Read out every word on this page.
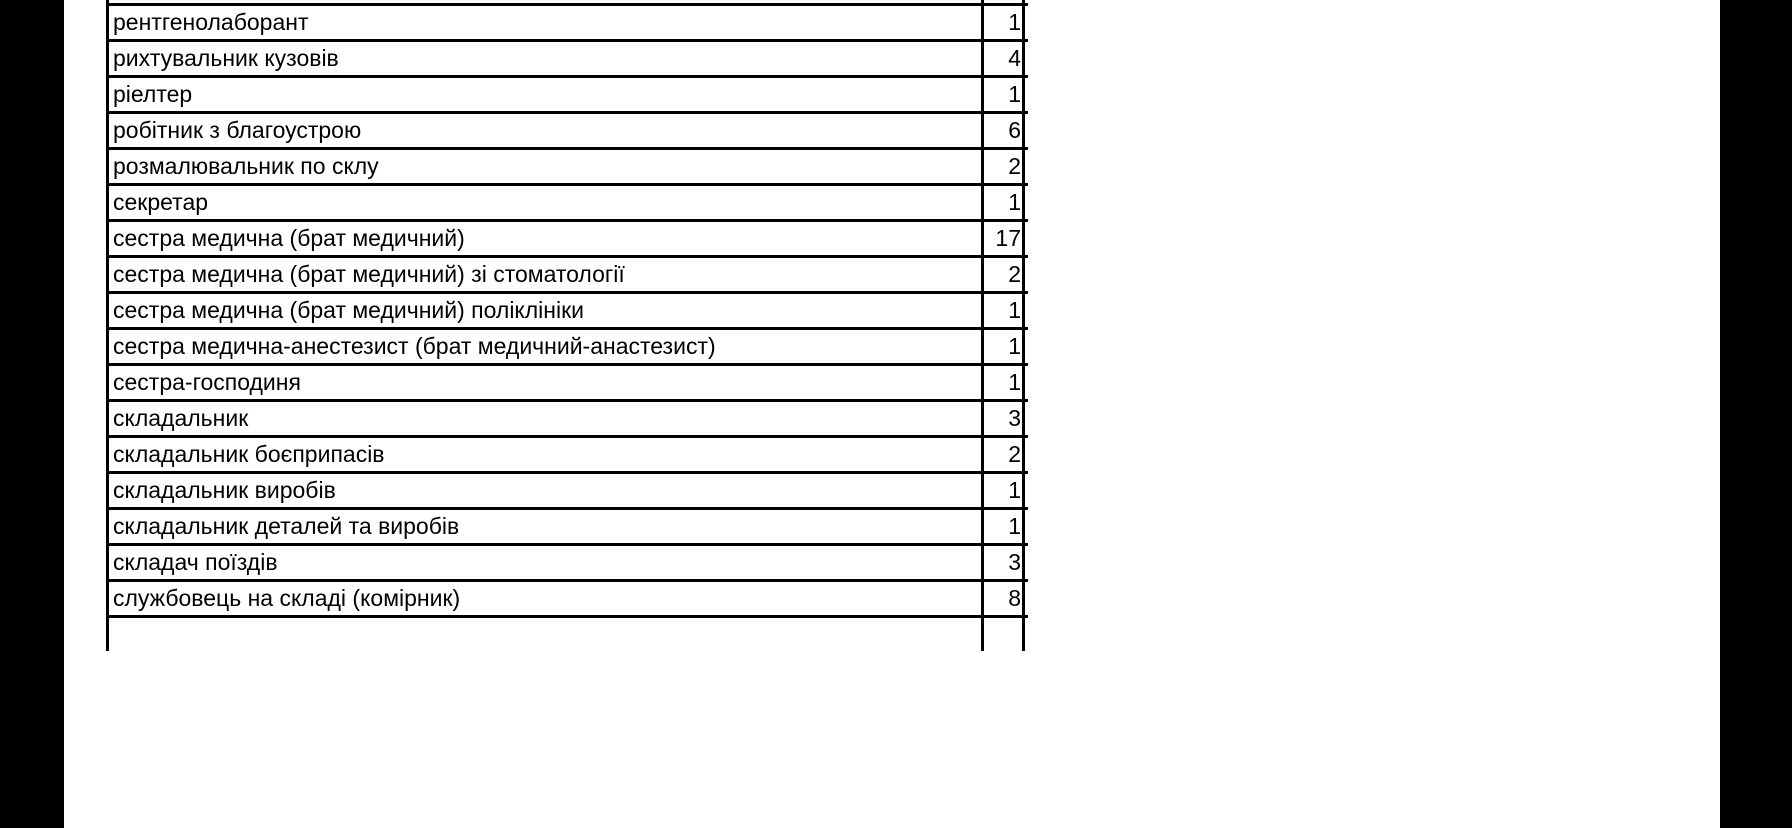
рентгенолаборант	1
рихтувальник кузовів	4
ріелтер	1
робітник з благоустрою	6
розмалювальник по склу	2
секретар	1
сестра медична (брат медичний)	17
сестра медична (брат медичний) зі стоматології	2
сестра медична (брат медичний) поліклініки	1
сестра медична-анестезист (брат медичний-анастезист)	1
сестра-господиня	1
складальник	3
складальник боєприпасів	2
складальник виробів	1
складальник деталей та виробів	1
складач поїздів	3
службовець на складі (комірник)	8
